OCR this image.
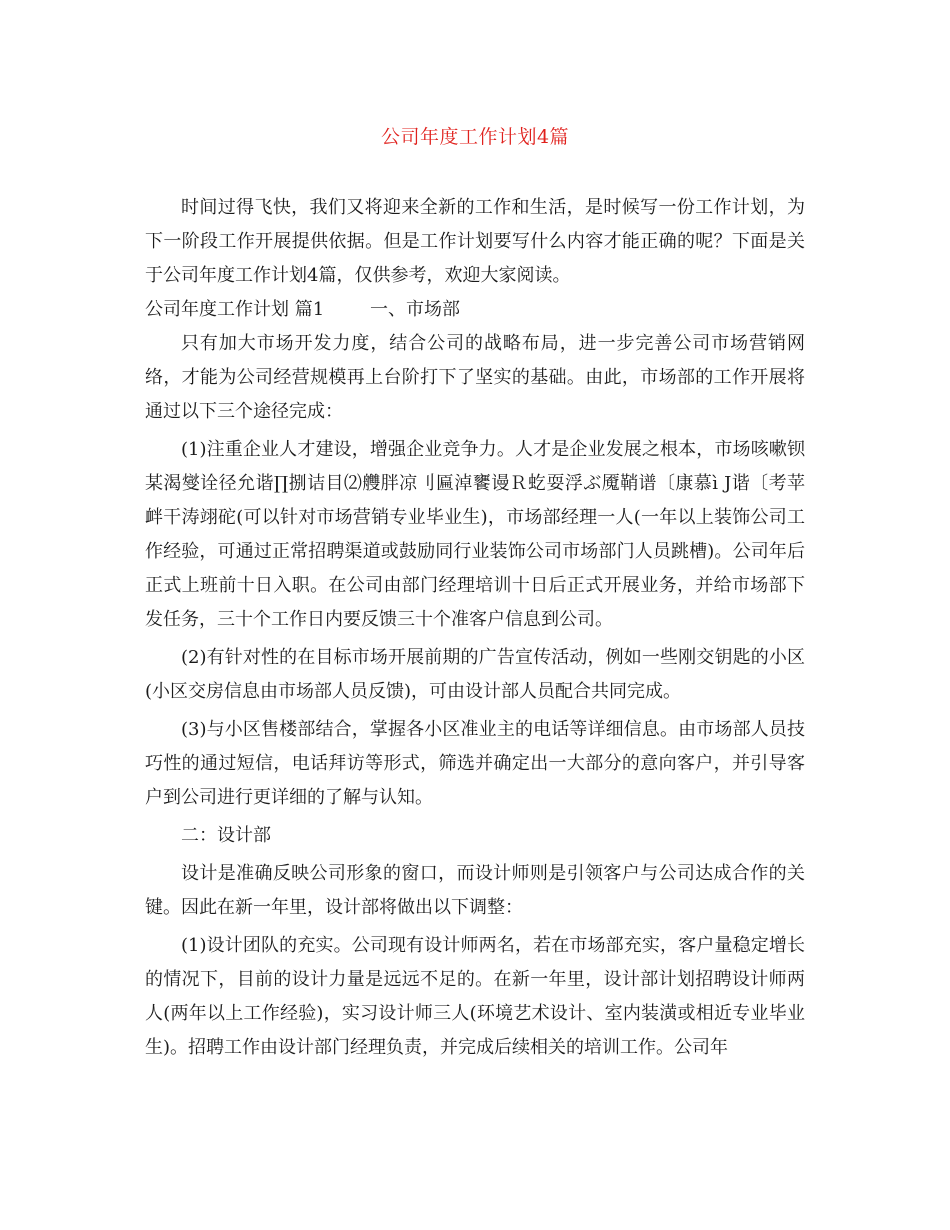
公司年度工作计划4篇

时间过得飞快，我们又将迎来全新的工作和生活，是时候写一份工作计划，为下一阶段工作开展提供依据。但是工作计划要写什么内容才能正确的呢？下面是关于公司年度工作计划4篇，仅供参考，欢迎大家阅读。

公司年度工作计划 篇1        一、市场部

只有加大市场开发力度，结合公司的战略布局，进一步完善公司市场营销网络，才能为公司经营规模再上台阶打下了坚实的基础。由此，市场部的工作开展将通过以下三个途径完成：

(1)注重企业人才建设，增强企业竞争力。人才是企业发展之根本，市场咳嗽钡某渴燮诠径允谐∏捌诘目⑵艭胖凉刂匾淖饔谩Ｒ虼耍浮ぶ魇鞘谱〔康慕ì J谐〔考苹衅干涛翊砣(可以针对市场营销专业毕业生)，市场部经理一人(一年以上装饰公司工作经验，可通过正常招聘渠道或鼓励同行业装饰公司市场部门人员跳槽)。公司年后正式上班前十日入职。在公司由部门经理培训十日后正式开展业务，并给市场部下发任务，三十个工作日内要反馈三十个准客户信息到公司。

(2)有针对性的在目标市场开展前期的广告宣传活动，例如一些刚交钥匙的小区(小区交房信息由市场部人员反馈)，可由设计部人员配合共同完成。

(3)与小区售楼部结合，掌握各小区准业主的电话等详细信息。由市场部人员技巧性的通过短信，电话拜访等形式，筛选并确定出一大部分的意向客户，并引导客户到公司进行更详细的了解与认知。

二：设计部

设计是准确反映公司形象的窗口，而设计师则是引领客户与公司达成合作的关键。因此在新一年里，设计部将做出以下调整：

(1)设计团队的充实。公司现有设计师两名，若在市场部充实，客户量稳定增长的情况下，目前的设计力量是远远不足的。在新一年里，设计部计划招聘设计师两人(两年以上工作经验)，实习设计师三人(环境艺术设计、室内装潢或相近专业毕业生)。招聘工作由设计部门经理负责，并完成后续相关的培训工作。公司年
